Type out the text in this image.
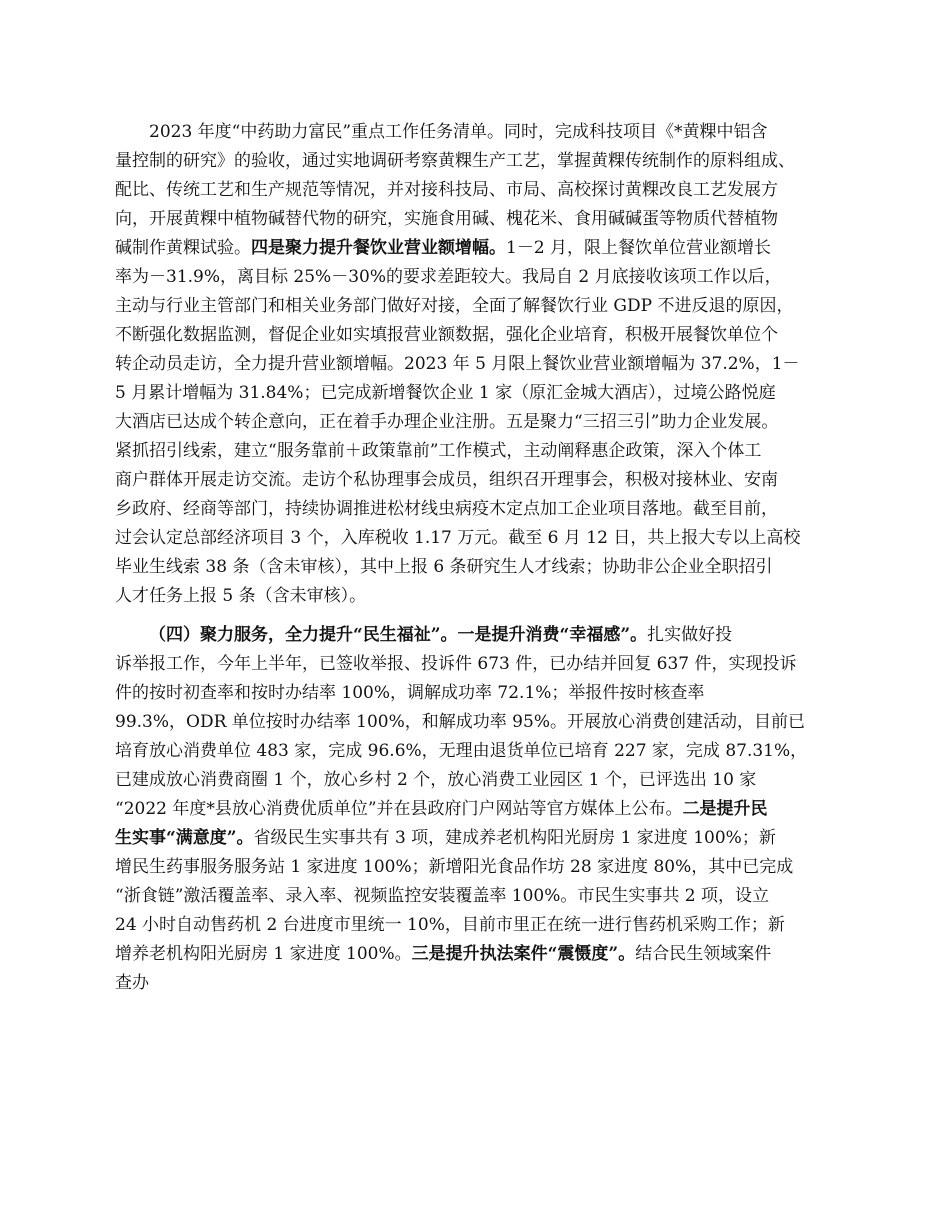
2023 年度“中药助力富民”重点工作任务清单。同时，完成科技项目《*黄粿中铝含
量控制的研究》的验收，通过实地调研考察黄粿生产工艺，掌握黄粿传统制作的原料组成、
配比、传统工艺和生产规范等情况，并对接科技局、市局、高校探讨黄粿改良工艺发展方
向，开展黄粿中植物碱替代物的研究，实施食用碱、槐花米、食用碱碱蛋等物质代替植物
碱制作黄粿试验。四是聚力提升餐饮业营业额增幅。1－2 月，限上餐饮单位营业额增长
率为－31.9%，离目标 25%－30%的要求差距较大。我局自 2 月底接收该项工作以后，
主动与行业主管部门和相关业务部门做好对接，全面了解餐饮行业 GDP 不进反退的原因，
不断强化数据监测，督促企业如实填报营业额数据，强化企业培育，积极开展餐饮单位个
转企动员走访，全力提升营业额增幅。2023 年 5 月限上餐饮业营业额增幅为 37.2%，1－
5 月累计增幅为 31.84%；已完成新增餐饮企业 1 家（原汇金城大酒店），过境公路悦庭
大酒店已达成个转企意向，正在着手办理企业注册。五是聚力“三招三引”助力企业发展。
紧抓招引线索，建立“服务靠前＋政策靠前”工作模式，主动阐释惠企政策，深入个体工
商户群体开展走访交流。走访个私协理事会成员，组织召开理事会，积极对接林业、安南
乡政府、经商等部门，持续协调推进松材线虫病疫木定点加工企业项目落地。截至目前，
过会认定总部经济项目 3 个，入库税收 1.17 万元。截至 6 月 12 日，共上报大专以上高校
毕业生线索 38 条（含未审核），其中上报 6 条研究生人才线索；协助非公企业全职招引
人才任务上报 5 条（含未审核）。
（四）聚力服务，全力提升“民生福祉”。一是提升消费“幸福感”。扎实做好投
诉举报工作，今年上半年，已签收举报、投诉件 673 件，已办结并回复 637 件，实现投诉
件的按时初查率和按时办结率 100%，调解成功率 72.1%；举报件按时核查率
99.3%，ODR 单位按时办结率 100%，和解成功率 95%。开展放心消费创建活动，目前已
培育放心消费单位 483 家，完成 96.6%，无理由退货单位已培育 227 家，完成 87.31%，
已建成放心消费商圈 1 个，放心乡村 2 个，放心消费工业园区 1 个，已评选出 10 家
“2022 年度*县放心消费优质单位”并在县政府门户网站等官方媒体上公布。二是提升民
生实事“满意度”。省级民生实事共有 3 项，建成养老机构阳光厨房 1 家进度 100%；新
增民生药事服务服务站 1 家进度 100%；新增阳光食品作坊 28 家进度 80%，其中已完成
“浙食链”激活覆盖率、录入率、视频监控安装覆盖率 100%。市民生实事共 2 项，设立
24 小时自动售药机 2 台进度市里统一 10%，目前市里正在统一进行售药机采购工作；新
增养老机构阳光厨房 1 家进度 100%。三是提升执法案件“震慑度”。结合民生领域案件
查办
